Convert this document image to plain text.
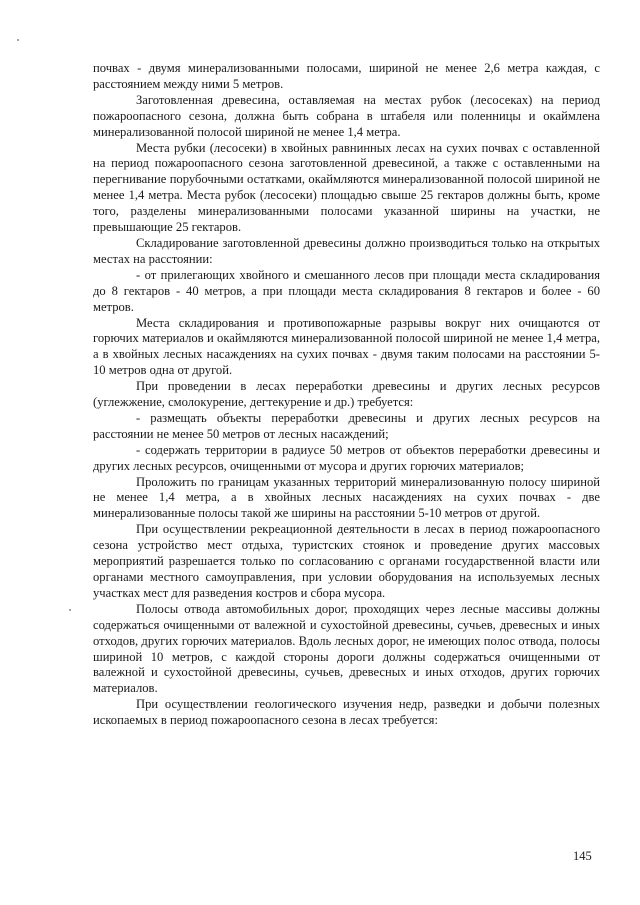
почвах - двумя минерализованными полосами, шириной не менее 2,6 метра каждая, с расстоянием между ними 5 метров.

Заготовленная древесина, оставляемая на местах рубок (лесосеках) на период пожароопасного сезона, должна быть собрана в штабеля или поленницы и окаймлена минерализованной полосой шириной не менее 1,4 метра.

Места рубки (лесосеки) в хвойных равнинных лесах на сухих почвах с оставленной на период пожароопасного сезона заготовленной древесиной, а также с оставленными на перегнивание порубочными остатками, окаймляются минерализованной полосой шириной не менее 1,4 метра. Места рубок (лесосеки) площадью свыше 25 гектаров должны быть, кроме того, разделены минерализованными полосами указанной ширины на участки, не превышающие 25 гектаров.

Складирование заготовленной древесины должно производиться только на открытых местах на расстоянии:

- от прилегающих хвойного и смешанного лесов при площади места складирования до 8 гектаров - 40 метров, а при площади места складирования 8 гектаров и более - 60 метров.

Места складирования и противопожарные разрывы вокруг них очищаются от горючих материалов и окаймляются минерализованной полосой шириной не менее 1,4 метра, а в хвойных лесных насаждениях на сухих почвах - двумя таким полосами на расстоянии 5-10 метров одна от другой.

При проведении в лесах переработки древесины и других лесных ресурсов (углежжение, смолокурение, дегтекурение и др.) требуется:

- размещать объекты переработки древесины и других лесных ресурсов на расстоянии не менее 50 метров от лесных насаждений;

- содержать территории в радиусе 50 метров от объектов переработки древесины и других лесных ресурсов, очищенными от мусора и других горючих материалов;

Проложить по границам указанных территорий минерализованную полосу шириной не менее 1,4 метра, а в хвойных лесных насаждениях на сухих почвах - две минерализованные полосы такой же ширины на расстоянии 5-10 метров от другой.

При осуществлении рекреационной деятельности в лесах в период пожароопасного сезона устройство мест отдыха, туристских стоянок и проведение других массовых мероприятий разрешается только по согласованию с органами государственной власти или органами местного самоуправления, при условии оборудования на используемых лесных участках мест для разведения костров и сбора мусора.

Полосы отвода автомобильных дорог, проходящих через лесные массивы должны содержаться очищенными от валежной и сухостойной древесины, сучьев, древесных и иных отходов, других горючих материалов. Вдоль лесных дорог, не имеющих полос отвода, полосы шириной 10 метров, с каждой стороны дороги должны содержаться очищенными от валежной и сухостойной древесины, сучьев, древесных и иных отходов, других горючих материалов.

При осуществлении геологического изучения недр, разведки и добычи полезных ископаемых в период пожароопасного сезона в лесах требуется:

145
